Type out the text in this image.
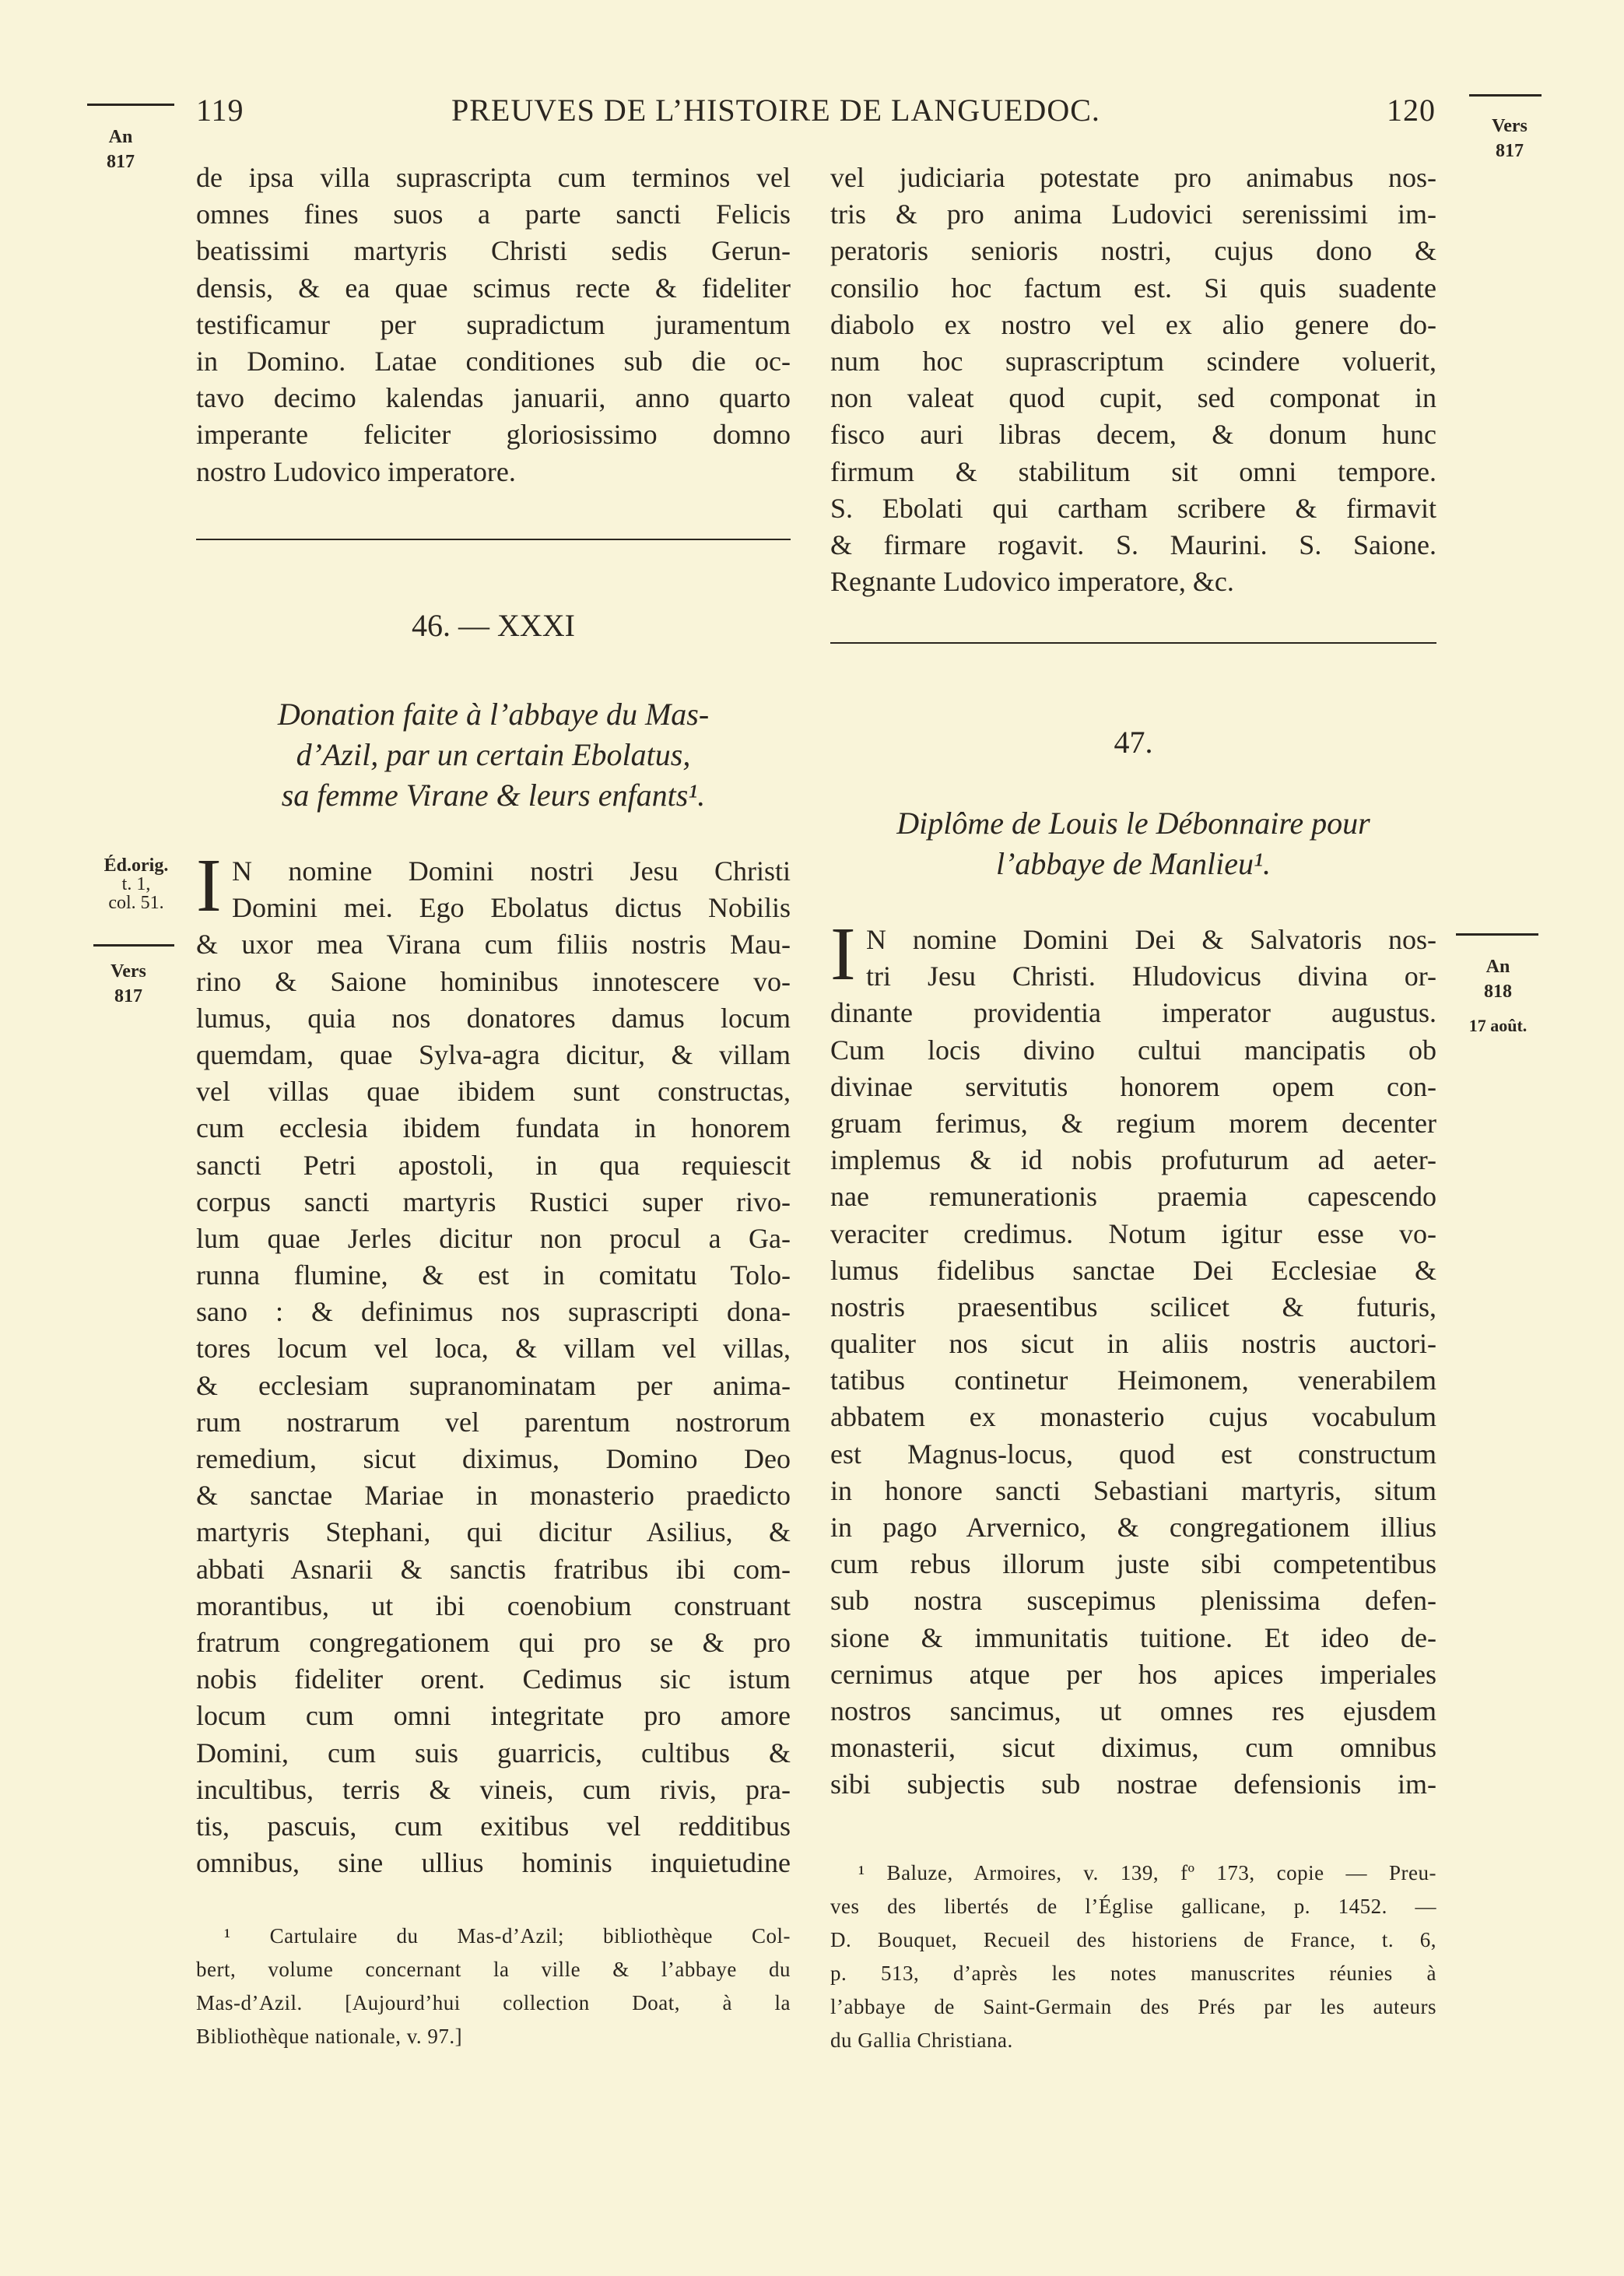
119	PREUVES DE L’HISTOIRE DE LANGUEDOC.	120
An
817
Vers
817
Éd.orig.
t. 1,
col. 51.
Vers
817
An
818
17 août.
de ipsa villa suprascripta cum terminos vel
omnes fines suos a parte sancti Felicis
beatissimi martyris Christi sedis Gerun-
densis, & ea quae scimus recte & fideliter
testificamur per supradictum juramentum
in Domino. Latae conditiones sub die oc-
tavo decimo kalendas januarii, anno quarto
imperante feliciter gloriosissimo domno
nostro Ludovico imperatore.
46. — XXXI
Donation faite à l’abbaye du Mas-
d’Azil, par un certain Ebolatus,
sa femme Virane & leurs enfants¹.
I N nomine Domini nostri Jesu Christi
Domini mei. Ego Ebolatus dictus Nobilis
& uxor mea Virana cum filiis nostris Mau-
rino & Saione hominibus innotescere vo-
lumus, quia nos donatores damus locum
quemdam, quae Sylva-agra dicitur, & villam
vel villas quae ibidem sunt constructas,
cum ecclesia ibidem fundata in honorem
sancti Petri apostoli, in qua requiescit
corpus sancti martyris Rustici super rivo-
lum quae Jerles dicitur non procul a Ga-
runna flumine, & est in comitatu Tolo-
sano : & definimus nos suprascripti dona-
tores locum vel loca, & villam vel villas,
& ecclesiam supranominatam per anima-
rum nostrarum vel parentum nostrorum
remedium, sicut diximus, Domino Deo
& sanctae Mariae in monasterio praedicto
martyris Stephani, qui dicitur Asilius, &
abbati Asnarii & sanctis fratribus ibi com-
morantibus, ut ibi coenobium construant
fratrum congregationem qui pro se & pro
nobis fideliter orent. Cedimus sic istum
locum cum omni integritate pro amore
Domini, cum suis guarricis, cultibus &
incultibus, terris & vineis, cum rivis, pra-
tis, pascuis, cum exitibus vel redditibus
omnibus, sine ullius hominis inquietudine
¹ Cartulaire du Mas-d’Azil; bibliothèque Col-
bert, volume concernant la ville & l’abbaye du
Mas-d’Azil. [Aujourd’hui collection Doat, à la
Bibliothèque nationale, v. 97.]
vel judiciaria potestate pro animabus nos-
tris & pro anima Ludovici serenissimi im-
peratoris senioris nostri, cujus dono &
consilio hoc factum est. Si quis suadente
diabolo ex nostro vel ex alio genere do-
num hoc suprascriptum scindere voluerit,
non valeat quod cupit, sed componat in
fisco auri libras decem, & donum hunc
firmum & stabilitum sit omni tempore.
S. Ebolati qui cartham scribere & firmavit
& firmare rogavit. S. Maurini. S. Saione.
Regnante Ludovico imperatore, &c.
47.
Diplôme de Louis le Débonnaire pour
l’abbaye de Manlieu¹.
I N nomine Domini Dei & Salvatoris nos-
tri Jesu Christi. Hludovicus divina or-
dinante providentia imperator augustus.
Cum locis divino cultui mancipatis ob
divinae servitutis honorem opem con-
gruam ferimus, & regium morem decenter
implemus & id nobis profuturum ad aeter-
nae remunerationis praemia capescendo
veraciter credimus. Notum igitur esse vo-
lumus fidelibus sanctae Dei Ecclesiae &
nostris praesentibus scilicet & futuris,
qualiter nos sicut in aliis nostris auctori-
tatibus continetur Heimonem, venerabilem
abbatem ex monasterio cujus vocabulum
est Magnus-locus, quod est constructum
in honore sancti Sebastiani martyris, situm
in pago Arvernico, & congregationem illius
cum rebus illorum juste sibi competentibus
sub nostra suscepimus plenissima defen-
sione & immunitatis tuitione. Et ideo de-
cernimus atque per hos apices imperiales
nostros sancimus, ut omnes res ejusdem
monasterii, sicut diximus, cum omnibus
sibi subjectis sub nostrae defensionis im-
¹ Baluze, Armoires, v. 139, fº 173, copie — Preu-
ves des libertés de l’Église gallicane, p. 1452. —
D. Bouquet, Recueil des historiens de France, t. 6,
p. 513, d’après les notes manuscrites réunies à
l’abbaye de Saint-Germain des Prés par les auteurs
du Gallia Christiana.
